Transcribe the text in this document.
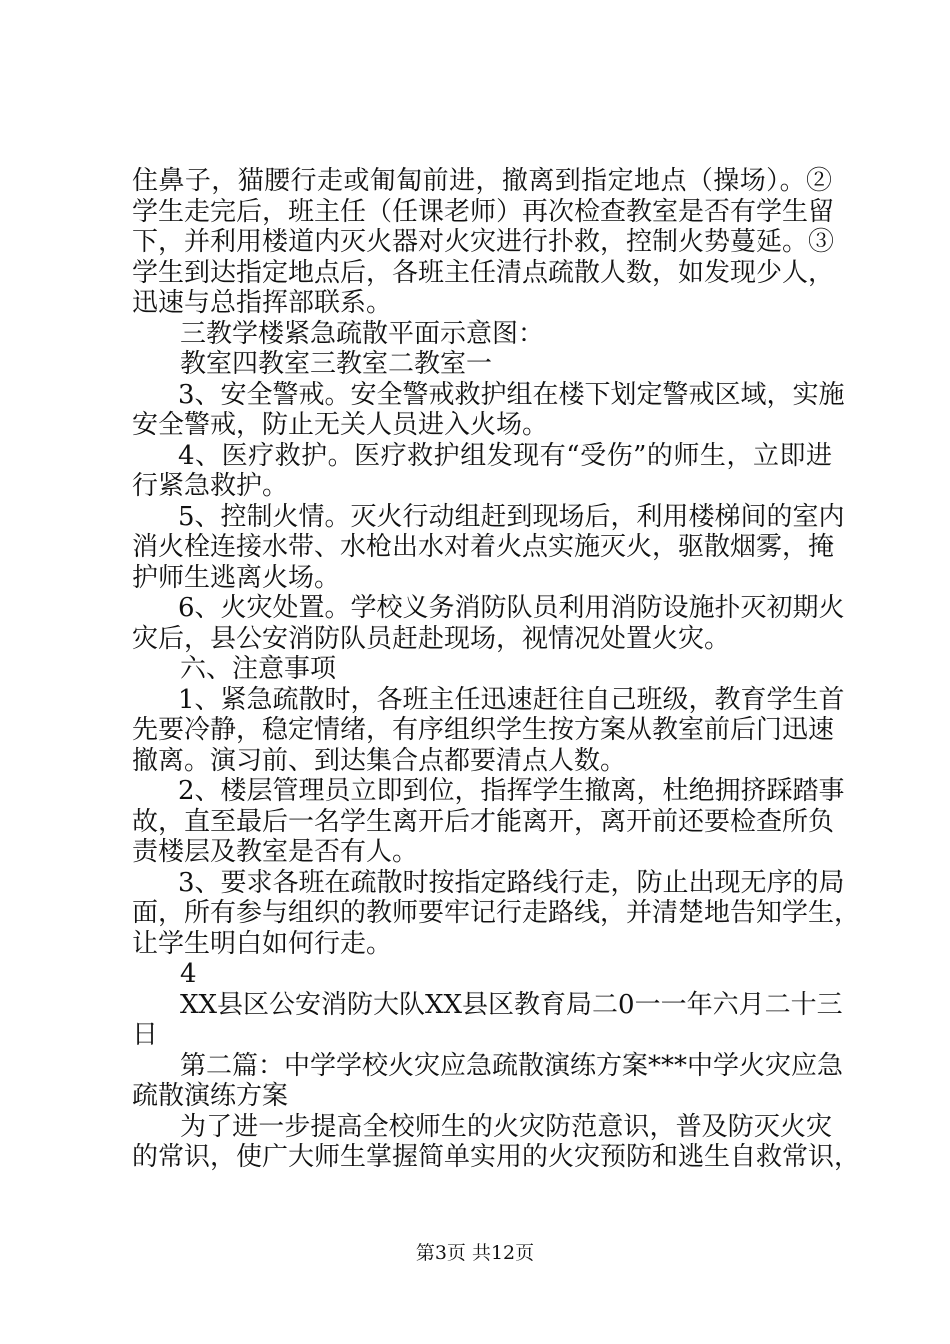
住鼻子，猫腰行走或匍匐前进，撤离到指定地点（操场）。②
学生走完后，班主任（任课老师）再次检查教室是否有学生留
下，并利用楼道内灭火器对火灾进行扑救，控制火势蔓延。③
学生到达指定地点后，各班主任清点疏散人数，如发现少人，
迅速与总指挥部联系。
三教学楼紧急疏散平面示意图：
教室四教室三教室二教室一
3、安全警戒。安全警戒救护组在楼下划定警戒区域，实施
安全警戒，防止无关人员进入火场。
4、医疗救护。医疗救护组发现有“受伤”的师生，立即进
行紧急救护。
5、控制火情。灭火行动组赶到现场后，利用楼梯间的室内
消火栓连接水带、水枪出水对着火点实施灭火，驱散烟雾，掩
护师生逃离火场。
6、火灾处置。学校义务消防队员利用消防设施扑灭初期火
灾后，县公安消防队员赶赴现场，视情况处置火灾。
六、注意事项
1、紧急疏散时，各班主任迅速赶往自己班级，教育学生首
先要冷静，稳定情绪，有序组织学生按方案从教室前后门迅速
撤离。演习前、到达集合点都要清点人数。
2、楼层管理员立即到位，指挥学生撤离，杜绝拥挤踩踏事
故，直至最后一名学生离开后才能离开，离开前还要检查所负
责楼层及教室是否有人。
3、要求各班在疏散时按指定路线行走，防止出现无序的局
面，所有参与组织的教师要牢记行走路线，并清楚地告知学生，
让学生明白如何行走。
4
XX县区公安消防大队XX县区教育局二0一一年六月二十三
日
第二篇：中学学校火灾应急疏散演练方案***中学火灾应急
疏散演练方案
为了进一步提高全校师生的火灾防范意识，普及防灭火灾
的常识，使广大师生掌握简单实用的火灾预防和逃生自救常识，
第3页 共12页
